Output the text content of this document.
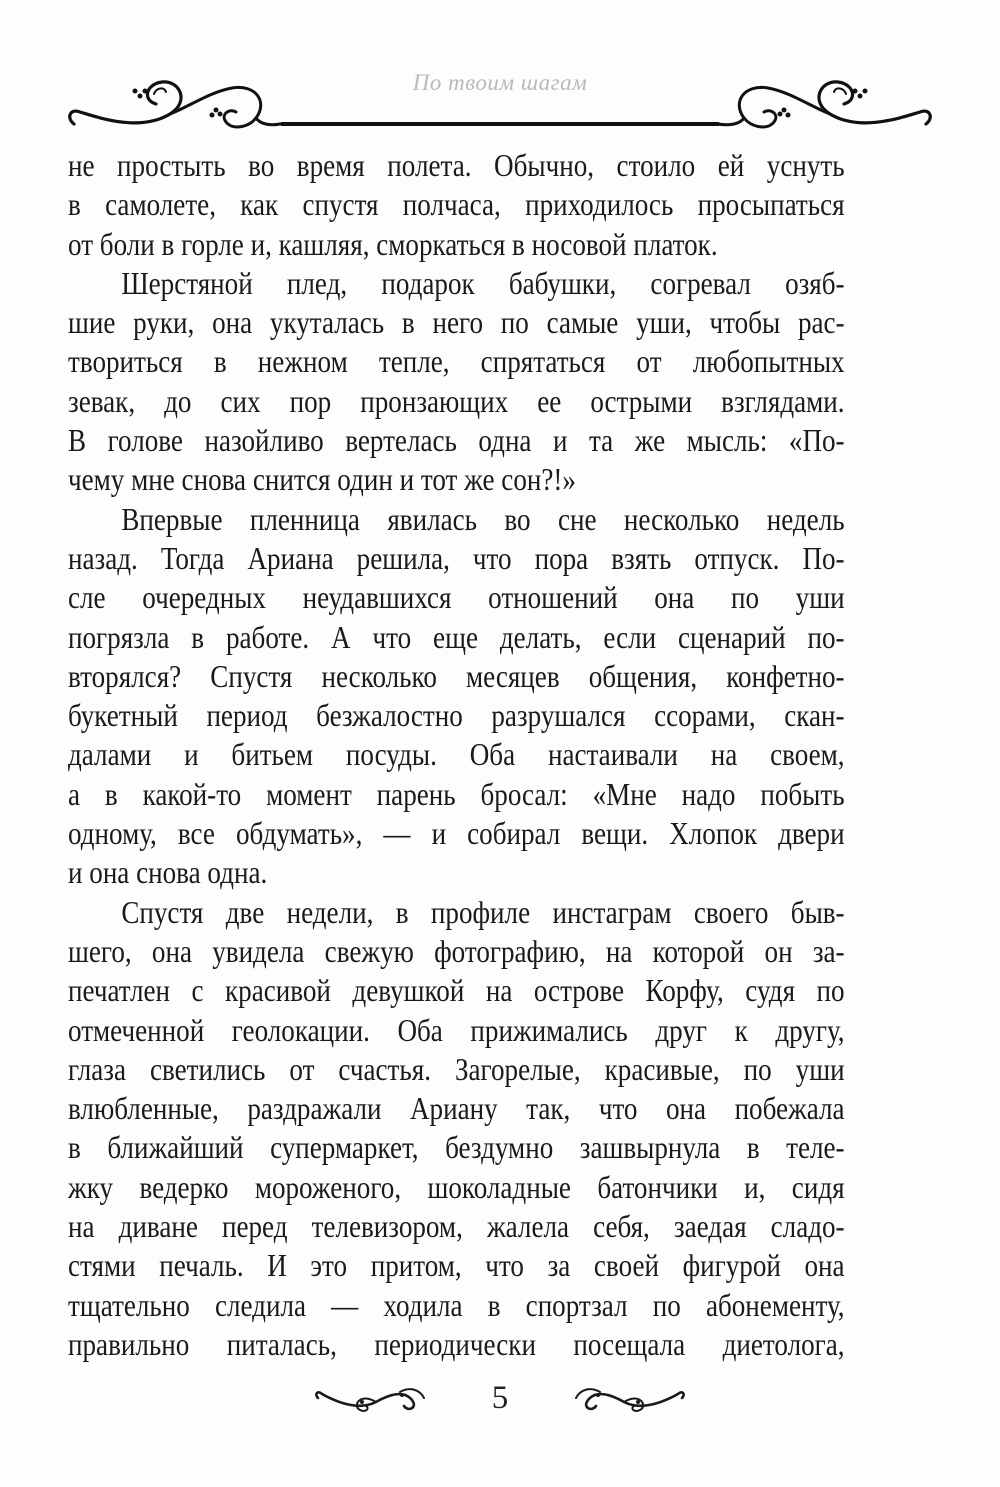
По твоим шагам
не простыть во время полета. Обычно, стоило ей уснуть
в самолете, как спустя полчаса, приходилось просыпаться
от боли в горле и, кашляя, сморкаться в носовой платок.
Шерстяной плед, подарок бабушки, согревал озяб-
шие руки, она укуталась в него по самые уши, чтобы рас-
твориться в нежном тепле, спрятаться от любопытных
зевак, до сих пор пронзающих ее острыми взглядами.
В голове назойливо вертелась одна и та же мысль: «По-
чему мне снова снится один и тот же сон?!»
Впервые пленница явилась во сне несколько недель
назад. Тогда Ариана решила, что пора взять отпуск. По-
сле очередных неудавшихся отношений она по уши
погрязла в работе. А что еще делать, если сценарий по-
вторялся? Спустя несколько месяцев общения, конфетно-
букетный период безжалостно разрушался ссорами, скан-
далами и битьем посуды. Оба настаивали на своем,
а в какой-то момент парень бросал: «Мне надо побыть
одному, все обдумать», — и собирал вещи. Хлопок двери
и она снова одна.
Спустя две недели, в профиле инстаграм своего быв-
шего, она увидела свежую фотографию, на которой он за-
печатлен с красивой девушкой на острове Корфу, судя по
отмеченной геолокации. Оба прижимались друг к другу,
глаза светились от счастья. Загорелые, красивые, по уши
влюбленные, раздражали Ариану так, что она побежала
в ближайший супермаркет, бездумно зашвырнула в теле-
жку ведерко мороженого, шоколадные батончики и, сидя
на диване перед телевизором, жалела себя, заедая сладо-
стями печаль. И это притом, что за своей фигурой она
тщательно следила — ходила в спортзал по абонементу,
правильно питалась, периодически посещала диетолога,
5
